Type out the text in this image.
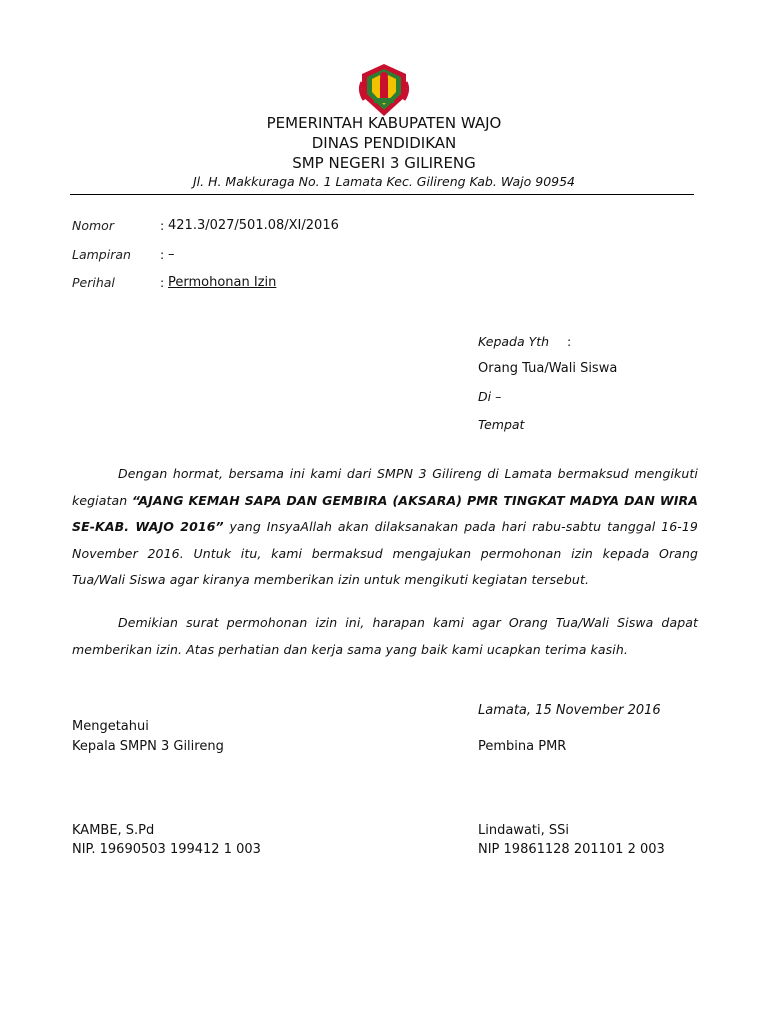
PEMERINTAH KABUPATEN WAJO
DINAS PENDIDIKAN
SMP NEGERI 3 GILIRENG
Jl. H. Makkuraga No. 1 Lamata Kec. Gilireng Kab. Wajo 90954
Nomor	: 421.3/027/501.08/XI/2016
Lampiran : –
Perihal	: Permohonan Izin
Kepada Yth :
Orang Tua/Wali Siswa
Di –
Tempat
Dengan hormat, bersama ini kami dari SMPN 3 Gilireng di Lamata bermaksud mengikuti kegiatan “AJANG KEMAH SAPA DAN GEMBIRA (AKSARA) PMR TINGKAT MADYA DAN WIRA SE-KAB. WAJO 2016” yang InsyaAllah akan dilaksanakan pada hari rabu-sabtu tanggal 16-19 November 2016. Untuk itu, kami bermaksud mengajukan permohonan izin kepada Orang Tua/Wali Siswa agar kiranya memberikan izin untuk mengikuti kegiatan tersebut.
Demikian surat permohonan izin ini, harapan kami agar Orang Tua/Wali Siswa dapat memberikan izin. Atas perhatian dan kerja sama yang baik kami ucapkan terima kasih.
Lamata, 15 November 2016
Mengetahui
Kepala SMPN 3 Gilireng	Pembina PMR
KAMBE, S.Pd
NIP. 19690503 199412 1 003
Lindawati, SSi
NIP 19861128 201101 2 003
